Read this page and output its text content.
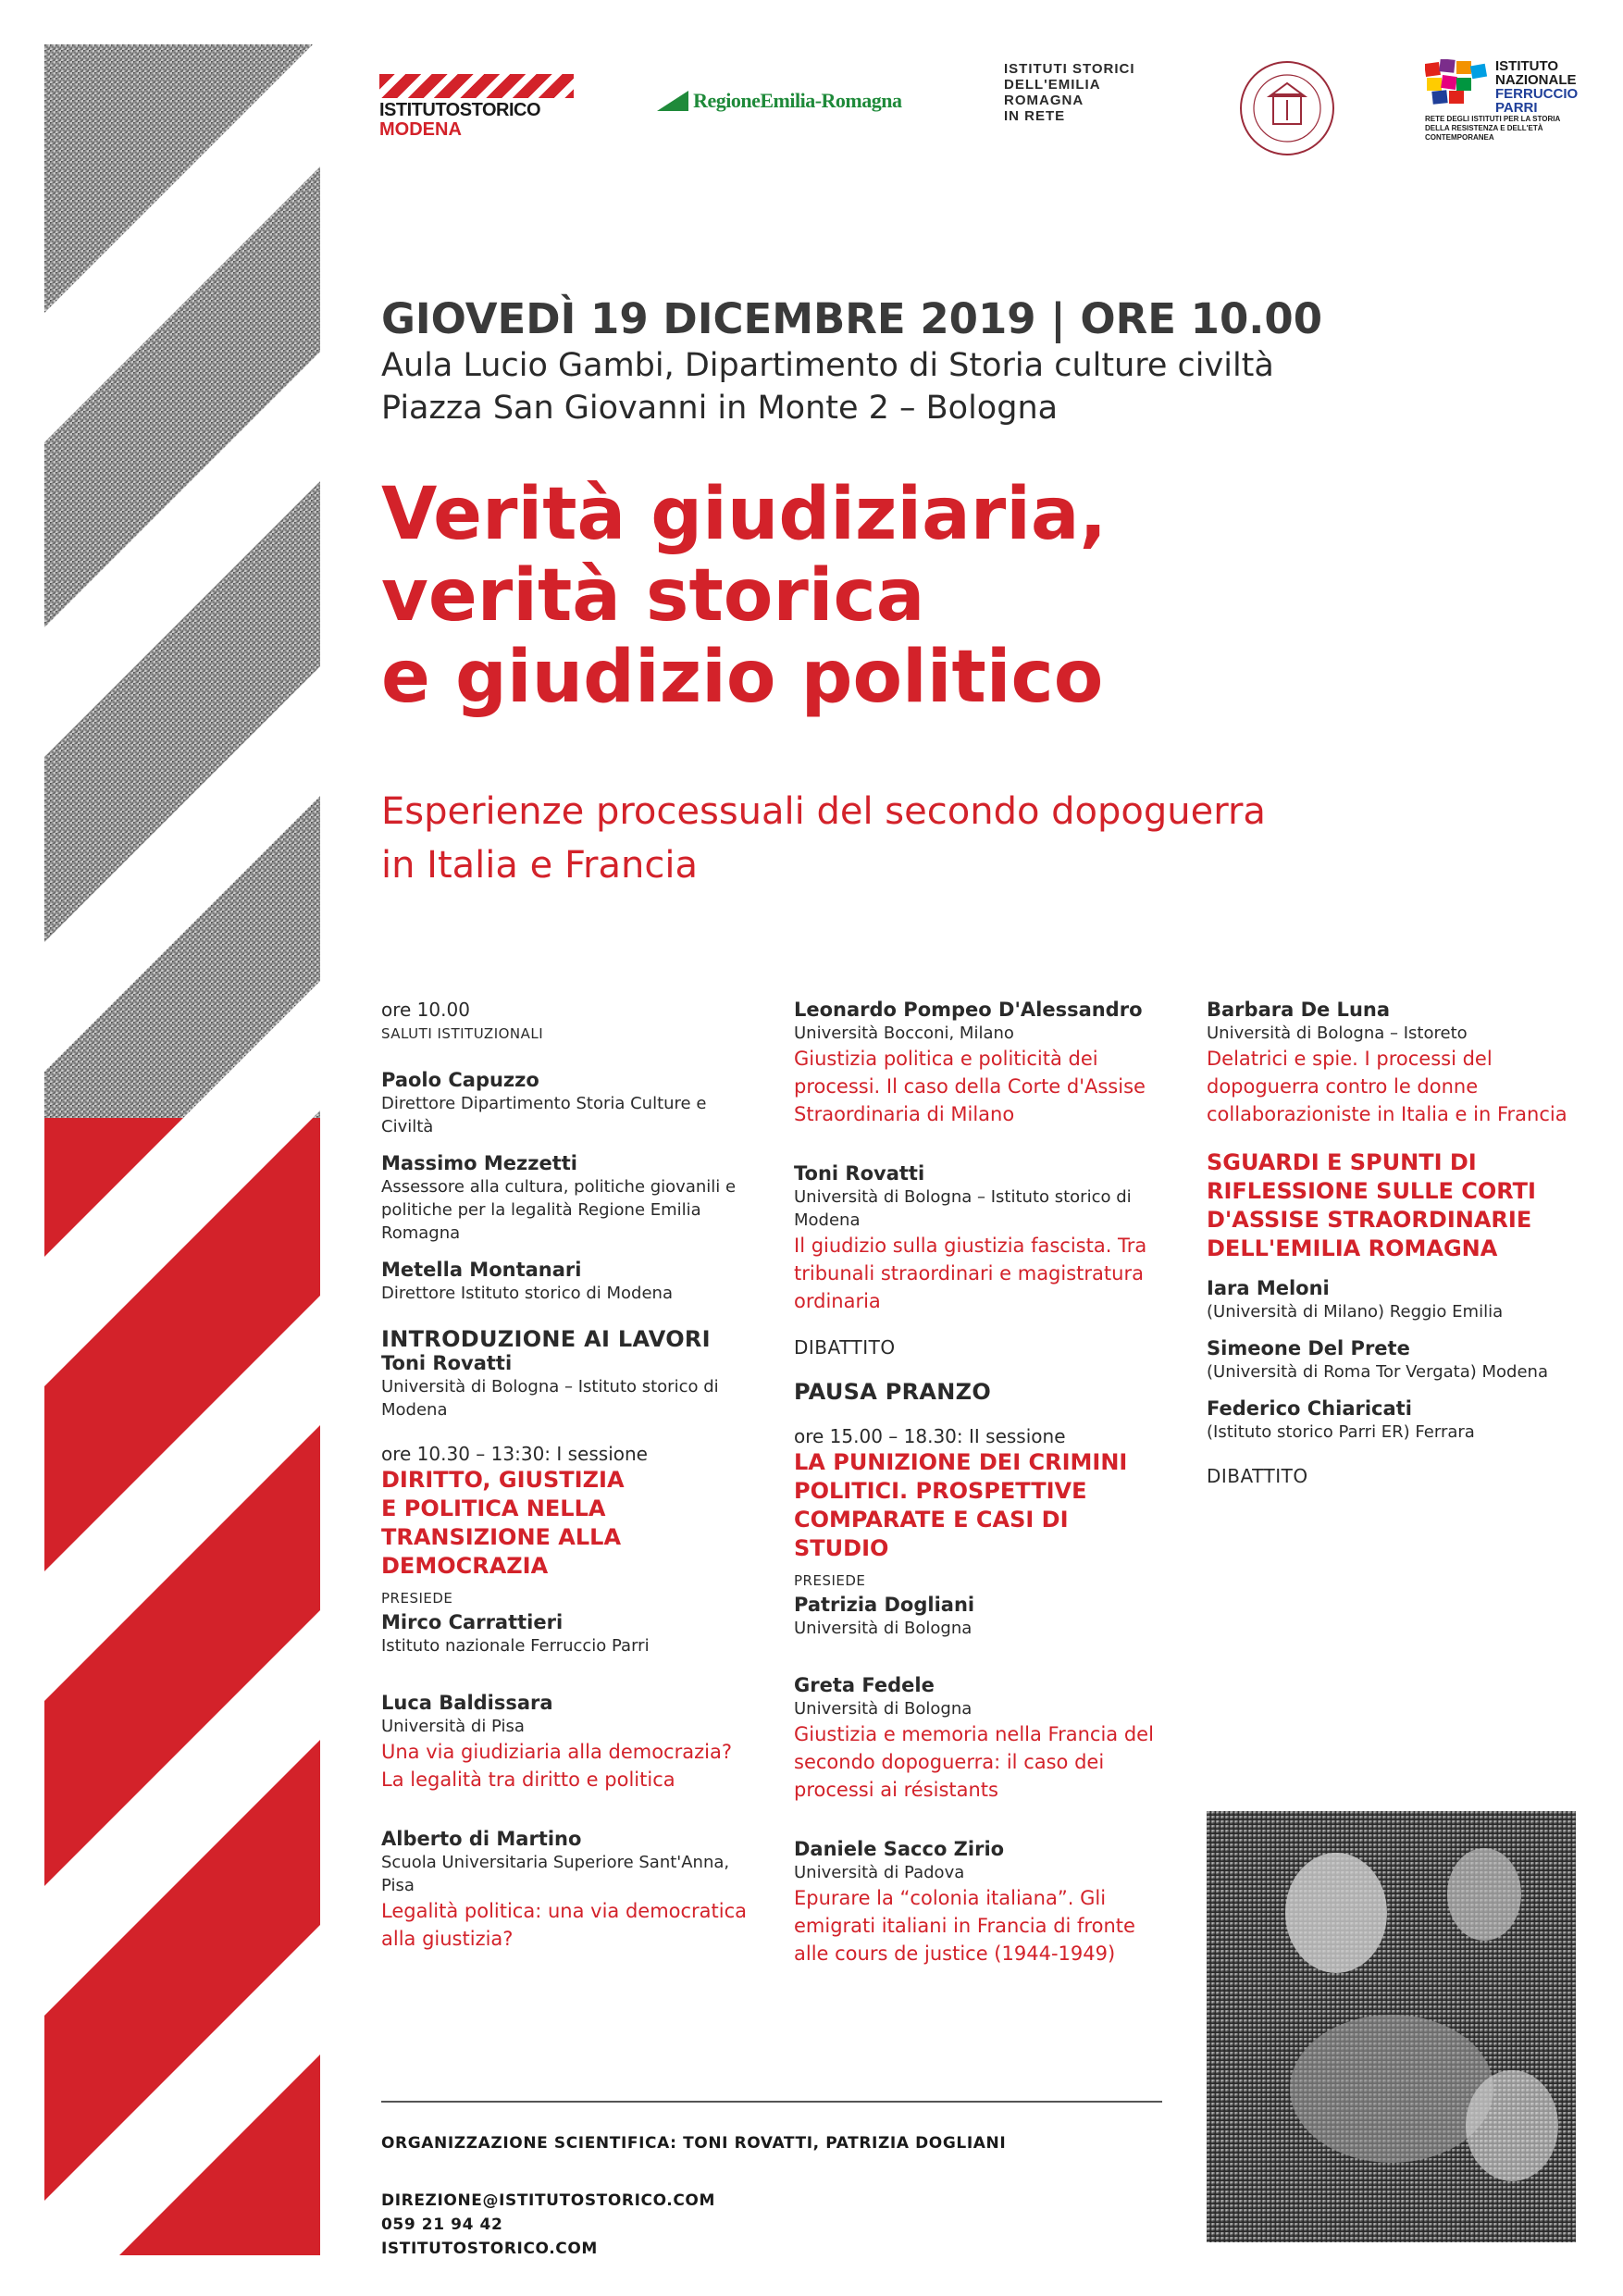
ISTITUTOSTORICO
MODENA
RegioneEmilia-Romagna
ISTITUTI STORICI
DELL'EMILIA
ROMAGNA
IN RETE
ISTITUTO
NAZIONALE
FERRUCCIO
PARRI
RETE DEGLI ISTITUTI PER LA STORIA DELLA RESISTENZA E DELL'ETÀ CONTEMPORANEA
GIOVEDÌ 19 DICEMBRE 2019 | ORE 10.00
Aula Lucio Gambi, Dipartimento di Storia culture civiltà
Piazza San Giovanni in Monte 2 – Bologna
Verità giudiziaria,
verità storica
e giudizio politico
Esperienze processuali del secondo dopoguerra
in Italia e Francia
ore 10.00
SALUTI ISTITUZIONALI
Paolo Capuzzo
Direttore Dipartimento Storia Culture e Civiltà
Massimo Mezzetti
Assessore alla cultura, politiche giovanili e politiche per la legalità Regione Emilia Romagna
Metella Montanari
Direttore Istituto storico di Modena
INTRODUZIONE AI LAVORI
Toni Rovatti
Università di Bologna – Istituto storico di Modena
ore 10.30 – 13:30: I sessione
DIRITTO, GIUSTIZIA
E POLITICA NELLA
TRANSIZIONE ALLA
DEMOCRAZIA
PRESIEDE
Mirco Carrattieri
Istituto nazionale Ferruccio Parri
Luca Baldissara
Università di Pisa
Una via giudiziaria alla democrazia? La legalità tra diritto e politica
Alberto di Martino
Scuola Universitaria Superiore Sant'Anna, Pisa
Legalità politica: una via democratica alla giustizia?
Leonardo Pompeo D'Alessandro
Università Bocconi, Milano
Giustizia politica e politicità dei processi. Il caso della Corte d'Assise Straordinaria di Milano
Toni Rovatti
Università di Bologna – Istituto storico di Modena
Il giudizio sulla giustizia fascista. Tra tribunali straordinari e magistratura ordinaria
DIBATTITO
PAUSA PRANZO
ore 15.00 – 18.30: II sessione
LA PUNIZIONE DEI CRIMINI
POLITICI. PROSPETTIVE
COMPARATE E CASI DI
STUDIO
PRESIEDE
Patrizia Dogliani
Università di Bologna
Greta Fedele
Università di Bologna
Giustizia e memoria nella Francia del secondo dopoguerra: il caso dei processi ai résistants
Daniele Sacco Zirio
Università di Padova
Epurare la “colonia italiana”. Gli emigrati italiani in Francia di fronte alle cours de justice (1944-1949)
Barbara De Luna
Università di Bologna – Istoreto
Delatrici e spie. I processi del dopoguerra contro le donne collaborazioniste in Italia e in Francia
SGUARDI E SPUNTI DI
RIFLESSIONE SULLE CORTI
D'ASSISE STRAORDINARIE
DELL'EMILIA ROMAGNA
Iara Meloni
(Università di Milano) Reggio Emilia
Simeone Del Prete
(Università di Roma Tor Vergata) Modena
Federico Chiaricati
(Istituto storico Parri ER) Ferrara
DIBATTITO
ORGANIZZAZIONE SCIENTIFICA: TONI ROVATTI, PATRIZIA DOGLIANI
DIREZIONE@ISTITUTOSTORICO.COM
059 21 94 42
ISTITUTOSTORICO.COM
